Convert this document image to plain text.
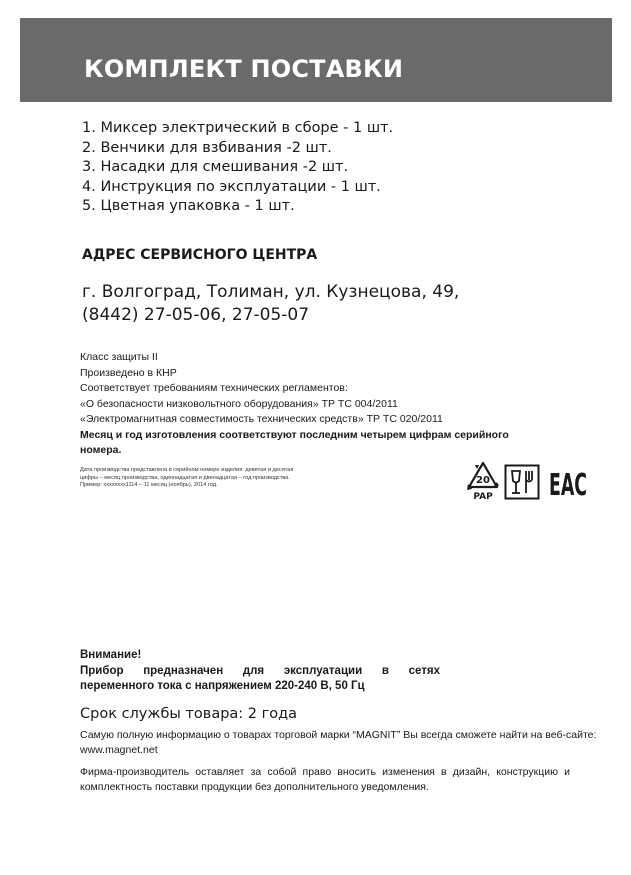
КОМПЛЕКТ ПОСТАВКИ
1. Миксер электрический в сборе - 1 шт.
2. Венчики для взбивания -2 шт.
3. Насадки для смешивания -2 шт.
4. Инструкция по эксплуатации - 1 шт.
5. Цветная упаковка - 1 шт.
АДРЕС СЕРВИСНОГО ЦЕНТРА
г. Волгоград, Толиман, ул. Кузнецова, 49,
(8442) 27-05-06, 27-05-07
Класс защиты II
Произведено в КНР
Соответствует требованиям технических регламентов:
«О безопасности низковольтного оборудования» ТР ТС 004/2011
«Электромагнитная совместимость технических средств» ТР ТС 020/2011
Месяц и год изготовления соответствуют последним четырем цифрам серийного номера.
Дата производства представлена в серийном номере изделия: девятая и десятая
цифры – месяц производства, одиннадцатая и двенадцатая – год производства.
Пример: xxxxxxxx1114 – 11 месяц (ноябрь), 2014 год.	20
PAP EAC
Внимание!
Прибор предназначен для эксплуатации в сетях
переменного тока с напряжением 220-240 В, 50 Гц
Срок службы товара: 2 года
Самую полную информацию о товарах торговой марки “MAGNIT” Вы всегда сможете найти на веб-сайте:
www.magnet.net
Фирма-производитель оставляет за собой право вносить изменения в дизайн, конструкцию и
комплектность поставки продукции без дополнительного уведомления.
